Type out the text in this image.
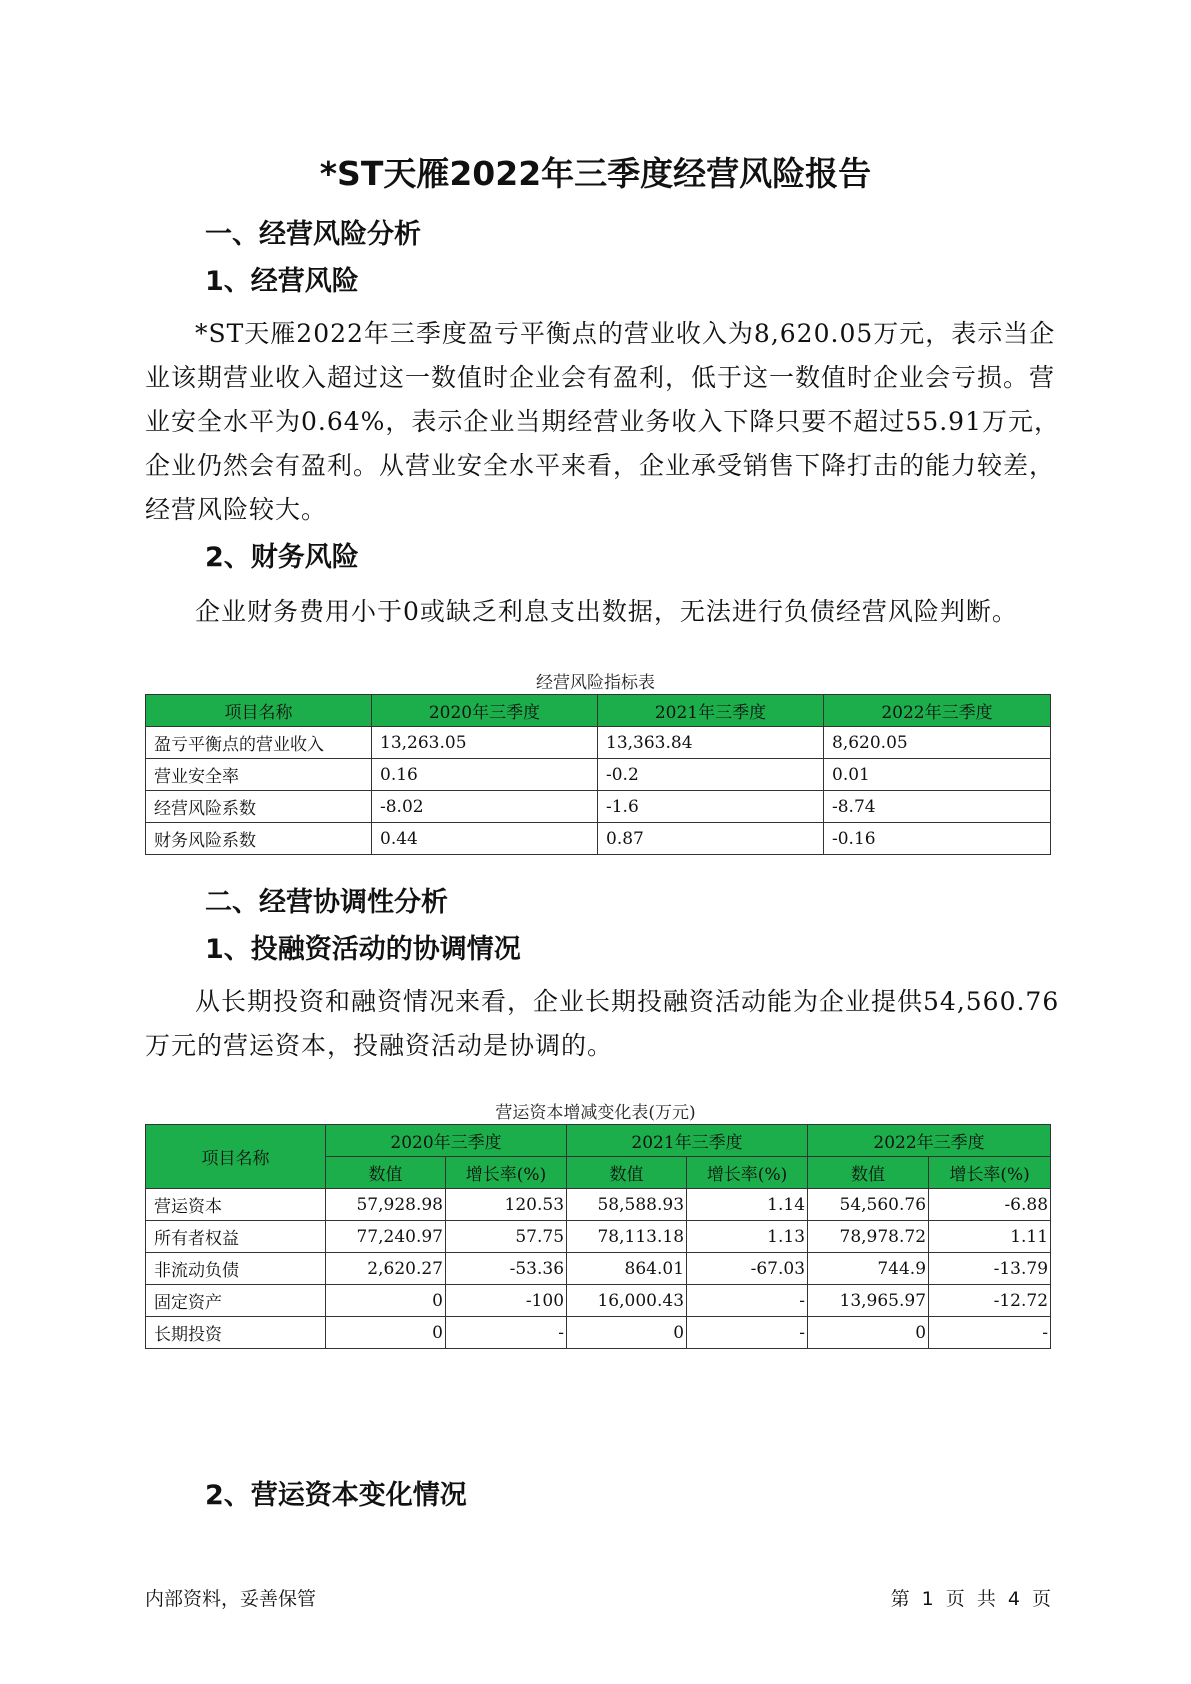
*ST天雁2022年三季度经营风险报告
一、经营风险分析
1、经营风险

*ST天雁2022年三季度盈亏平衡点的营业收入为8,620.05万元，表示当企业该期营业收入超过这一数值时企业会有盈利，低于这一数值时企业会亏损。营业安全水平为0.64%，表示企业当期经营业务收入下降只要不超过55.91万元，企业仍然会有盈利。从营业安全水平来看，企业承受销售下降打击的能力较差，经营风险较大。

2、财务风险

企业财务费用小于0或缺乏利息支出数据，无法进行负债经营风险判断。

经营风险指标表
项目名称	2020年三季度	2021年三季度	2022年三季度
盈亏平衡点的营业收入	13,263.05	13,363.84	8,620.05
营业安全率	0.16	-0.2	0.01
经营风险系数	-8.02	-1.6	-8.74
财务风险系数	0.44	0.87	-0.16
二、经营协调性分析
1、投融资活动的协调情况

从长期投资和融资情况来看，企业长期投融资活动能为企业提供54,560.76万元的营运资本，投融资活动是协调的。

营运资本增减变化表(万元)
项目名称	2020年三季度		2021年三季度		2022年三季度	
	数值	增长率(%)	数值	增长率(%)	数值	增长率(%)
营运资本	57,928.98	120.53	58,588.93	1.14	54,560.76	-6.88
所有者权益	77,240.97	57.75	78,113.18	1.13	78,978.72	1.11
非流动负债	2,620.27	-53.36	864.01	-67.03	744.9	-13.79
固定资产	0	-100	16,000.43	-	13,965.97	-12.72
长期投资	0	-	0	-	0	-
2、营运资本变化情况
内部资料，妥善保管	第 1 页 共 4 页
